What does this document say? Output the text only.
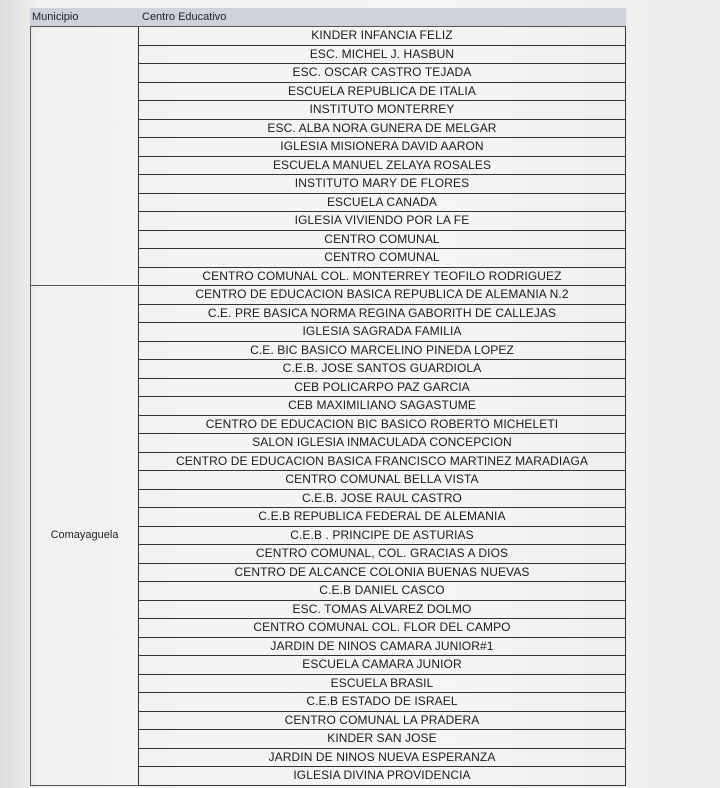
Municipio	Centro Educativo
Comayaguela
KINDER INFANCIA FELIZ
ESC. MICHEL J. HASBUN
ESC. OSCAR CASTRO TEJADA
ESCUELA REPUBLICA DE ITALIA
INSTITUTO MONTERREY
ESC. ALBA NORA GUNERA DE MELGAR
IGLESIA MISIONERA DAVID AARON
ESCUELA MANUEL ZELAYA ROSALES
INSTITUTO MARY DE FLORES
ESCUELA CANADA
IGLESIA VIVIENDO POR LA FE
CENTRO COMUNAL
CENTRO COMUNAL
CENTRO COMUNAL COL. MONTERREY TEOFILO RODRIGUEZ
CENTRO DE EDUCACION BASICA REPUBLICA DE ALEMANIA N.2
C.E. PRE BASICA NORMA REGINA GABORITH DE CALLEJAS
IGLESIA SAGRADA FAMILIA
C.E. BIC BASICO MARCELINO PINEDA LOPEZ
C.E.B. JOSE SANTOS GUARDIOLA
CEB POLICARPO PAZ GARCIA
CEB MAXIMILIANO SAGASTUME
CENTRO DE EDUCACION BIC BASICO ROBERTO MICHELETI
SALON IGLESIA INMACULADA CONCEPCION
CENTRO DE EDUCACION BASICA FRANCISCO MARTINEZ MARADIAGA
CENTRO COMUNAL BELLA VISTA
C.E.B. JOSE RAUL CASTRO
C.E.B REPUBLICA FEDERAL DE ALEMANIA
C.E.B . PRINCIPE DE ASTURIAS
CENTRO COMUNAL, COL. GRACIAS A DIOS
CENTRO DE ALCANCE COLONIA BUENAS NUEVAS
C.E.B DANIEL CASCO
ESC. TOMAS ALVAREZ DOLMO
CENTRO COMUNAL COL. FLOR DEL CAMPO
JARDIN DE NINOS CAMARA JUNIOR#1
ESCUELA CAMARA JUNIOR
ESCUELA BRASIL
C.E.B ESTADO DE ISRAEL
CENTRO COMUNAL LA PRADERA
KINDER SAN JOSE
JARDIN DE NINOS NUEVA ESPERANZA
IGLESIA DIVINA PROVIDENCIA
